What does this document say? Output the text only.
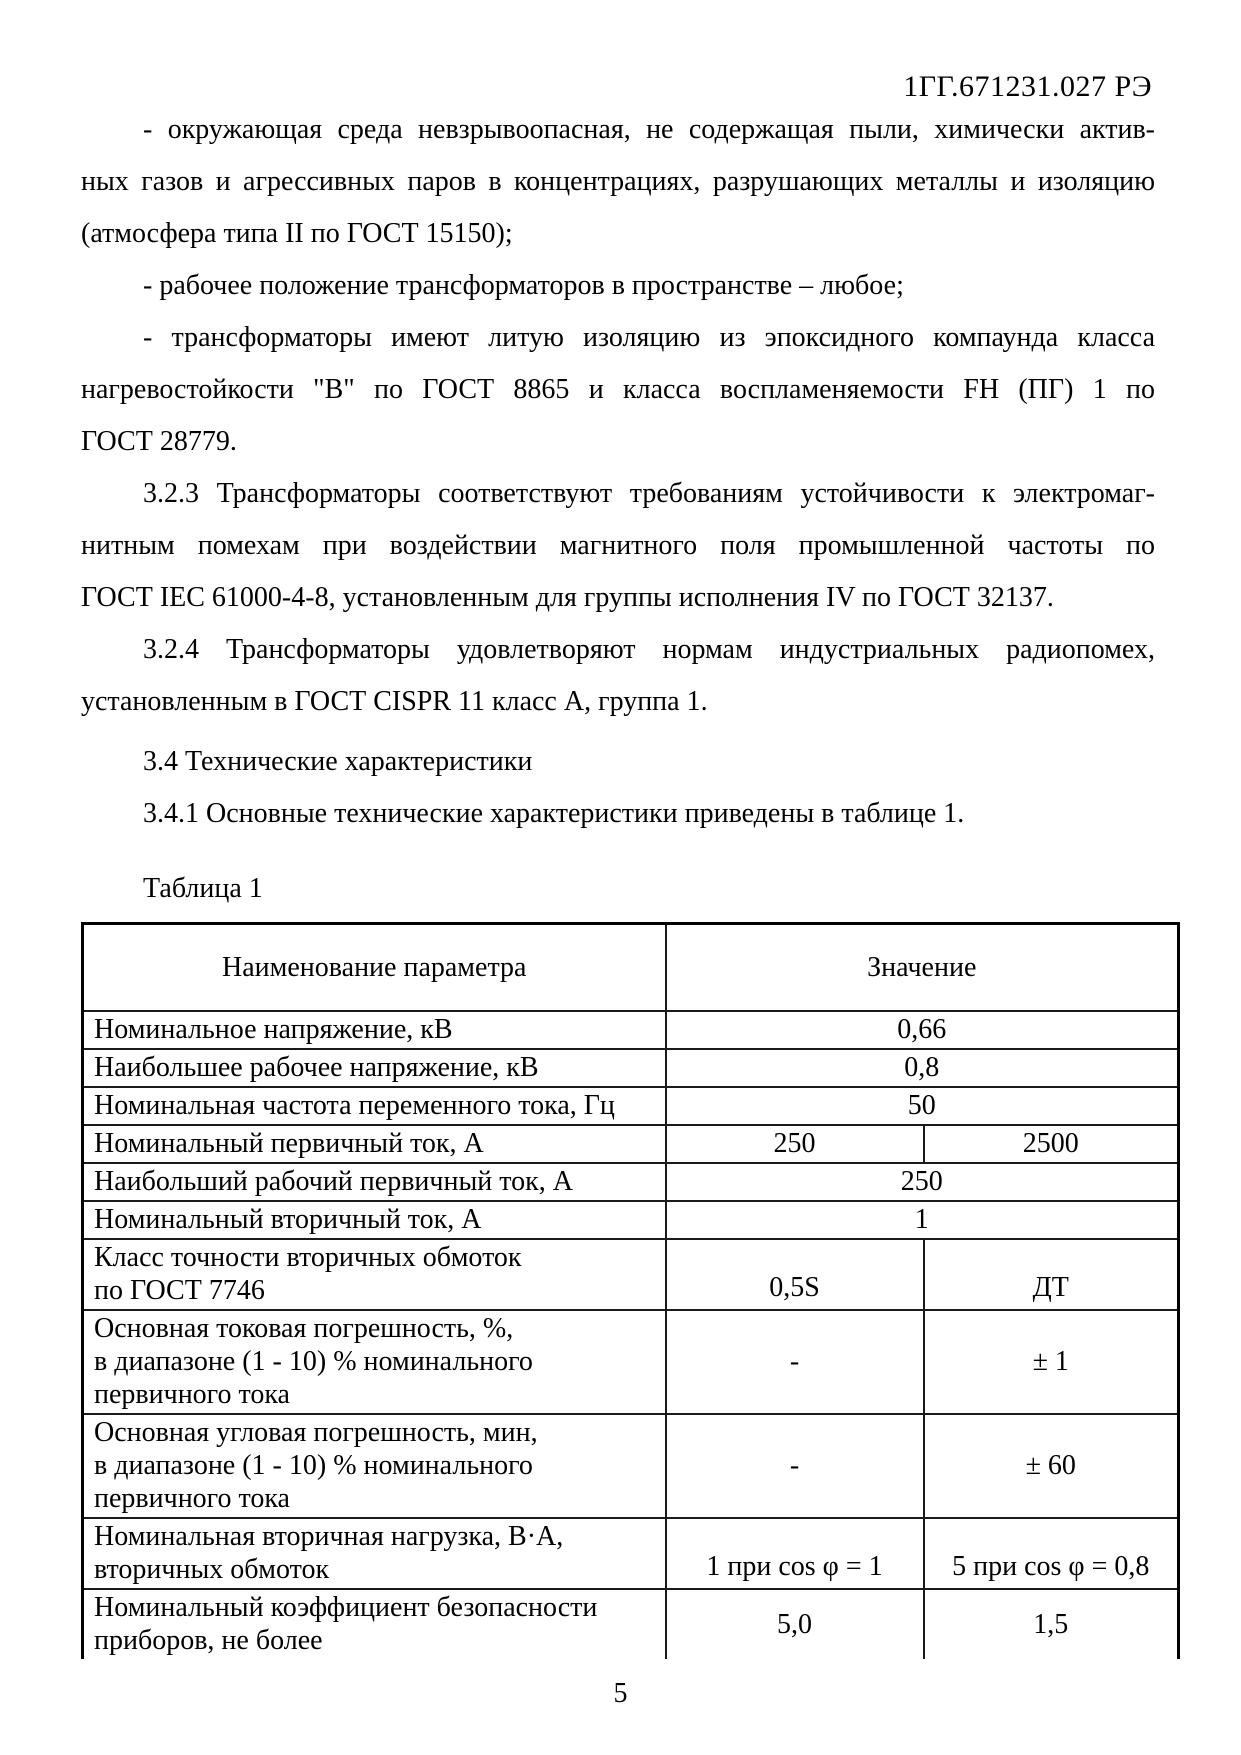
1ГГ.671231.027 РЭ
- окружающая среда невзрывоопасная, не содержащая пыли, химически актив-
ных газов и агрессивных паров в концентрациях, разрушающих металлы и изоляцию
(атмосфера типа II по ГОСТ 15150);
- рабочее положение трансформаторов в пространстве – любое;
- трансформаторы имеют литую изоляцию из эпоксидного компаунда класса
нагревостойкости "В" по ГОСТ 8865 и класса воспламеняемости FH (ПГ) 1 по
ГОСТ 28779.
3.2.3 Трансформаторы соответствуют требованиям устойчивости к электромаг-
нитным помехам при воздействии магнитного поля промышленной частоты по
ГОСТ IEC 61000-4-8, установленным для группы исполнения IV по ГОСТ 32137.
3.2.4 Трансформаторы удовлетворяют нормам индустриальных радиопомех,
установленным в ГОСТ CISPR 11 класс А, группа 1.
3.4 Технические характеристики
3.4.1 Основные технические характеристики приведены в таблице 1.

Таблица 1

Наименование параметра	Значение	

Номинальное напряжение, кВ	0,66	

Наибольшее рабочее напряжение, кВ	0,8	

Номинальная частота переменного тока, Гц	50	

Номинальный первичный ток, А	250	2500

Наибольший рабочий первичный ток, А	250	

Номинальный вторичный ток, А	1	

Класс точности вторичных обмоток
по ГОСТ 7746	0,5S	ДТ

Основная токовая погрешность, %,
в диапазоне (1 - 10) % номинального
первичного тока	-	± 1

Основная угловая погрешность, мин,
в диапазоне (1 - 10) % номинального
первичного тока	-	± 60

Номинальная вторичная нагрузка, В·А,
вторичных обмоток	1 при cos φ = 1	5 при cos φ = 0,8

Номинальный коэффициент безопасности
приборов, не более	5,0	1,5
5
